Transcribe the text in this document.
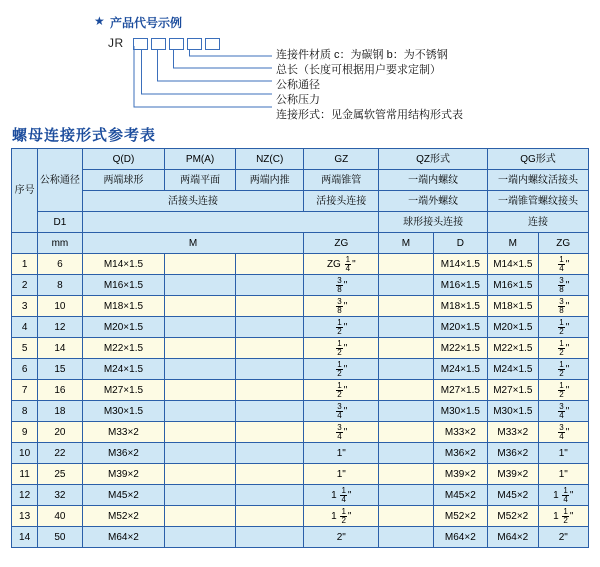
★ 产品代号示例
JR
连接件材质 c：为碳钢 b：为不锈钢
总长（长度可根据用户要求定制）
公称通径
公称压力
连接形式：见金属软管常用结构形式表
螺母连接形式参考表
序号	公称通径	Q(D)	PM(A)	NZ(C)	GZ	QZ形式		QG形式	
		两端球形	两端平面	两端内推	两端锥管	一端内螺纹		一端内螺纹活接头	
		活接头连接			活接头连接	一端外螺纹		一端锥管螺纹接头	
	D1					球形接头连接		连接	
	mm	M			ZG	M	D	M	ZG
1	6	M14×1.5			ZG $\frac{1}{4}$ "		M14×1.5	M14×1.5	$\frac{1}{4}$ "
2	8	M16×1.5			$\frac{3}{8}$ "		M16×1.5	M16×1.5	$\frac{3}{8}$ "
3	10	M18×1.5			$\frac{3}{8}$ "		M18×1.5	M18×1.5	$\frac{3}{8}$ "
4	12	M20×1.5			$\frac{1}{2}$ "		M20×1.5	M20×1.5	$\frac{1}{2}$ "
5	14	M22×1.5			$\frac{1}{2}$ "		M22×1.5	M22×1.5	$\frac{1}{2}$ "
6	15	M24×1.5			$\frac{1}{2}$ "		M24×1.5	M24×1.5	$\frac{1}{2}$ "
7	16	M27×1.5			$\frac{1}{2}$ "		M27×1.5	M27×1.5	$\frac{1}{2}$ "
8	18	M30×1.5			$\frac{3}{4}$ "		M30×1.5	M30×1.5	$\frac{3}{4}$ "
9	20	M33×2			$\frac{3}{4}$ "		M33×2	M33×2	$\frac{3}{4}$ "
10	22	M36×2			1"		M36×2	M36×2	1"
11	25	M39×2			1"		M39×2	M39×2	1"
12	32	M45×2			$1 \frac{1}{4}$ "		M45×2	M45×2	$1 \frac{1}{4}$ "
13	40	M52×2			$1 \frac{1}{2}$ "		M52×2	M52×2	$1 \frac{1}{2}$ "
14	50	M64×2			2"		M64×2	M64×2	2"
